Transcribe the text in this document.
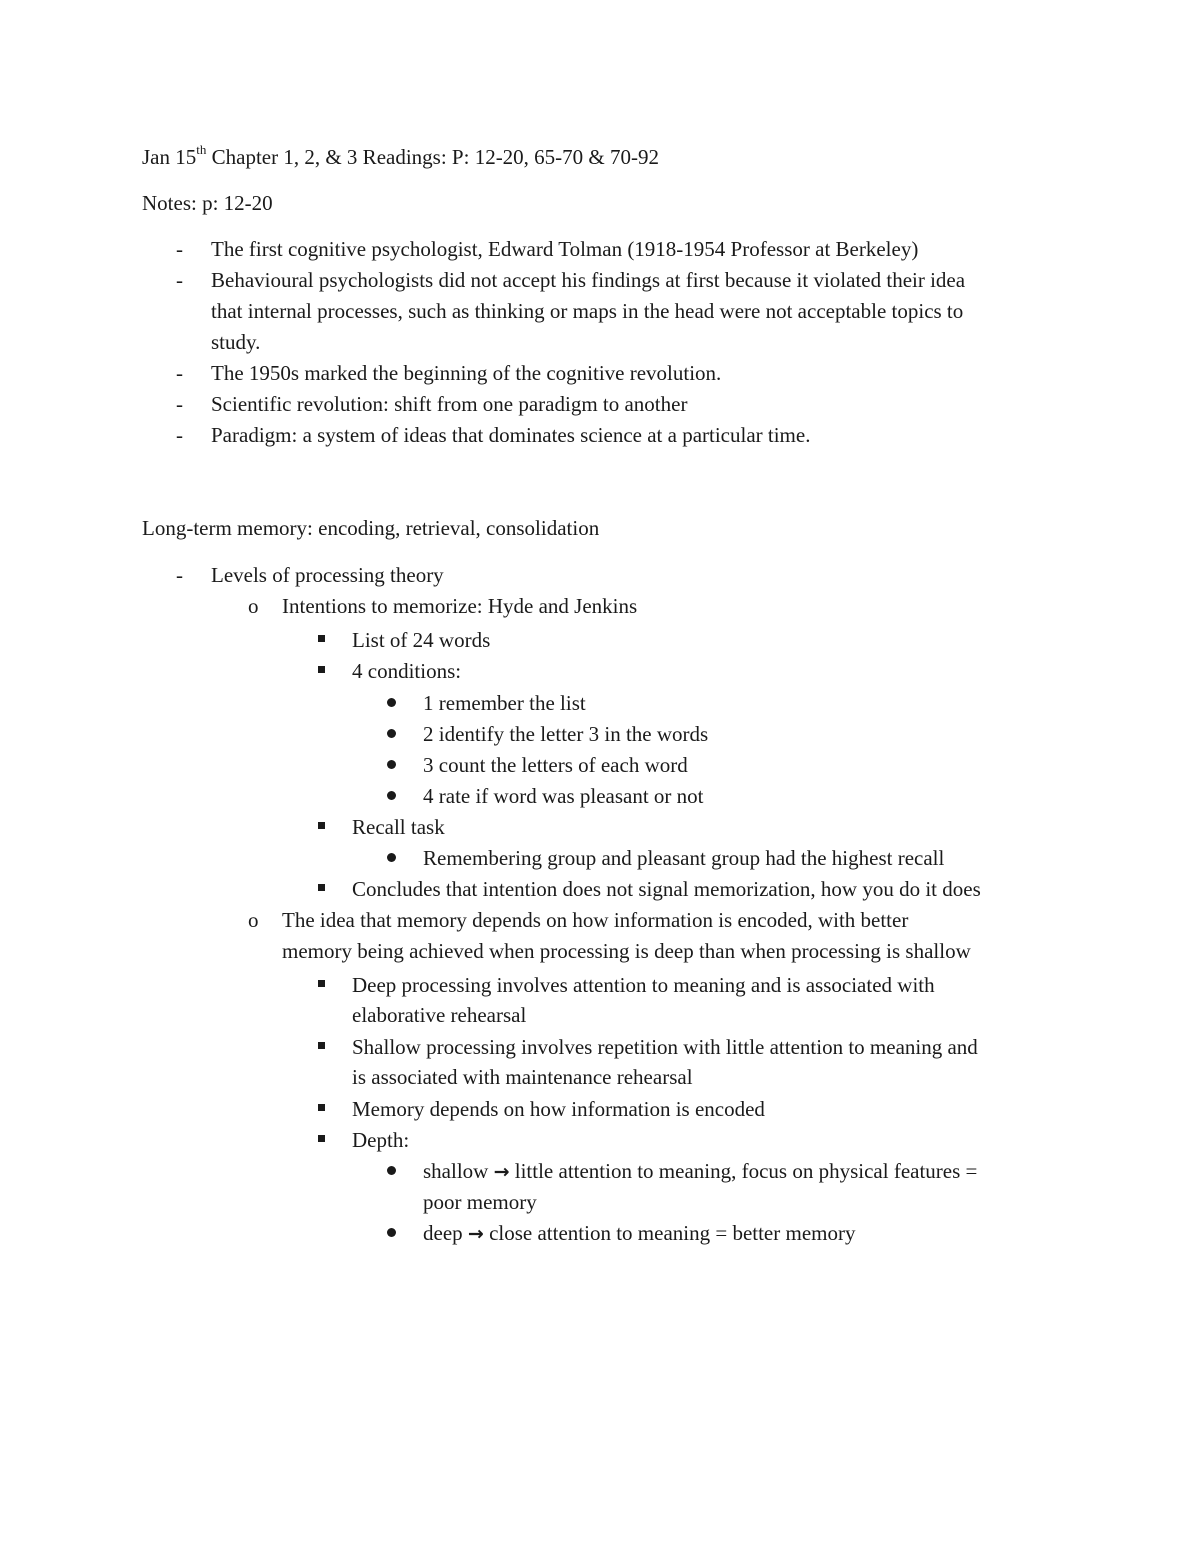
Jan 15th Chapter 1, 2, & 3 Readings: P: 12-20, 65-70 & 70-92
Notes: p: 12-20
- The first cognitive psychologist, Edward Tolman (1918-1954 Professor at Berkeley)
- Behavioural psychologists did not accept his findings at first because it violated their idea
that internal processes, such as thinking or maps in the head were not acceptable topics to
study.
- The 1950s marked the beginning of the cognitive revolution.
- Scientific revolution: shift from one paradigm to another
- Paradigm: a system of ideas that dominates science at a particular time.
Long-term memory: encoding, retrieval, consolidation
- Levels of processing theory
o Intentions to memorize: Hyde and Jenkins
List of 24 words
4 conditions:
1 remember the list
2 identify the letter 3 in the words
3 count the letters of each word
4 rate if word was pleasant or not
Recall task
Remembering group and pleasant group had the highest recall
Concludes that intention does not signal memorization, how you do it does
o The idea that memory depends on how information is encoded, with better
memory being achieved when processing is deep than when processing is shallow
Deep processing involves attention to meaning and is associated with
elaborative rehearsal
Shallow processing involves repetition with little attention to meaning and
is associated with maintenance rehearsal
Memory depends on how information is encoded
Depth:
shallow → little attention to meaning, focus on physical features =
poor memory
deep → close attention to meaning = better memory
